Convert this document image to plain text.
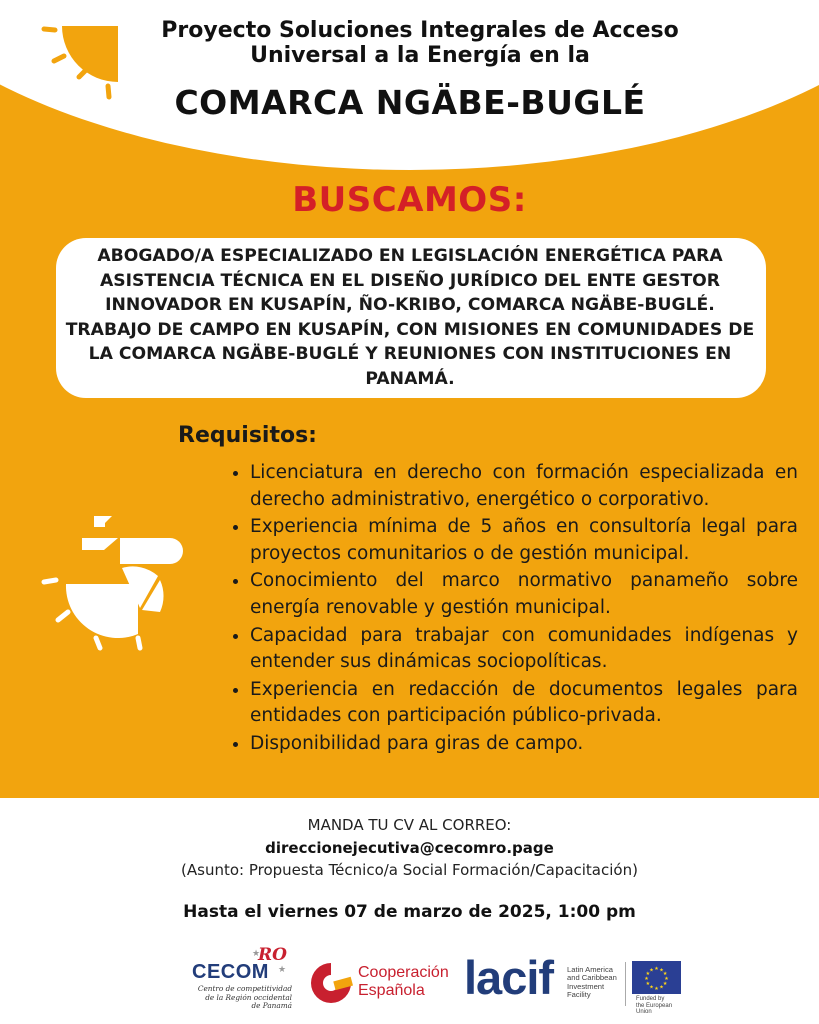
Proyecto Soluciones Integrales de Acceso
Universal a la Energía en la
COMARCA NGÄBE-BUGLÉ
BUSCAMOS:
ABOGADO/A ESPECIALIZADO EN LEGISLACIÓN ENERGÉTICA PARA ASISTENCIA TÉCNICA EN EL DISEÑO JURÍDICO DEL ENTE GESTOR INNOVADOR EN KUSAPÍN, ÑO-KRIBO, COMARCA NGÄBE-BUGLÉ. TRABAJO DE CAMPO EN KUSAPÍN, CON MISIONES EN COMUNIDADES DE LA COMARCA NGÄBE-BUGLÉ Y REUNIONES CON INSTITUCIONES EN PANAMÁ.
Requisitos:
• Licenciatura en derecho con formación especializada en derecho administrativo, energético o corporativo.
• Experiencia mínima de 5 años en consultoría legal para proyectos comunitarios o de gestión municipal.
• Conocimiento del marco normativo panameño sobre energía renovable y gestión municipal.
• Capacidad para trabajar con comunidades indígenas y entender sus dinámicas sociopolíticas.
• Experiencia en redacción de documentos legales para entidades con participación público-privada.
• Disponibilidad para giras de campo.
MANDA TU CV AL CORREO:
direccionejecutiva@cecomro.page
(Asunto: Propuesta Técnico/a Social Formación/Capacitación)
Hasta el viernes 07 de marzo de 2025, 1:00 pm
★
RO
★
CECOM
Centro de competitividad
de la Región occidental
de Panamá
Cooperación
Española lacif Latin America
and Caribbean
Investment
Facility
★ ★
★
★
★
★
★
★
★
★
★
★
Funded by
the European Union
